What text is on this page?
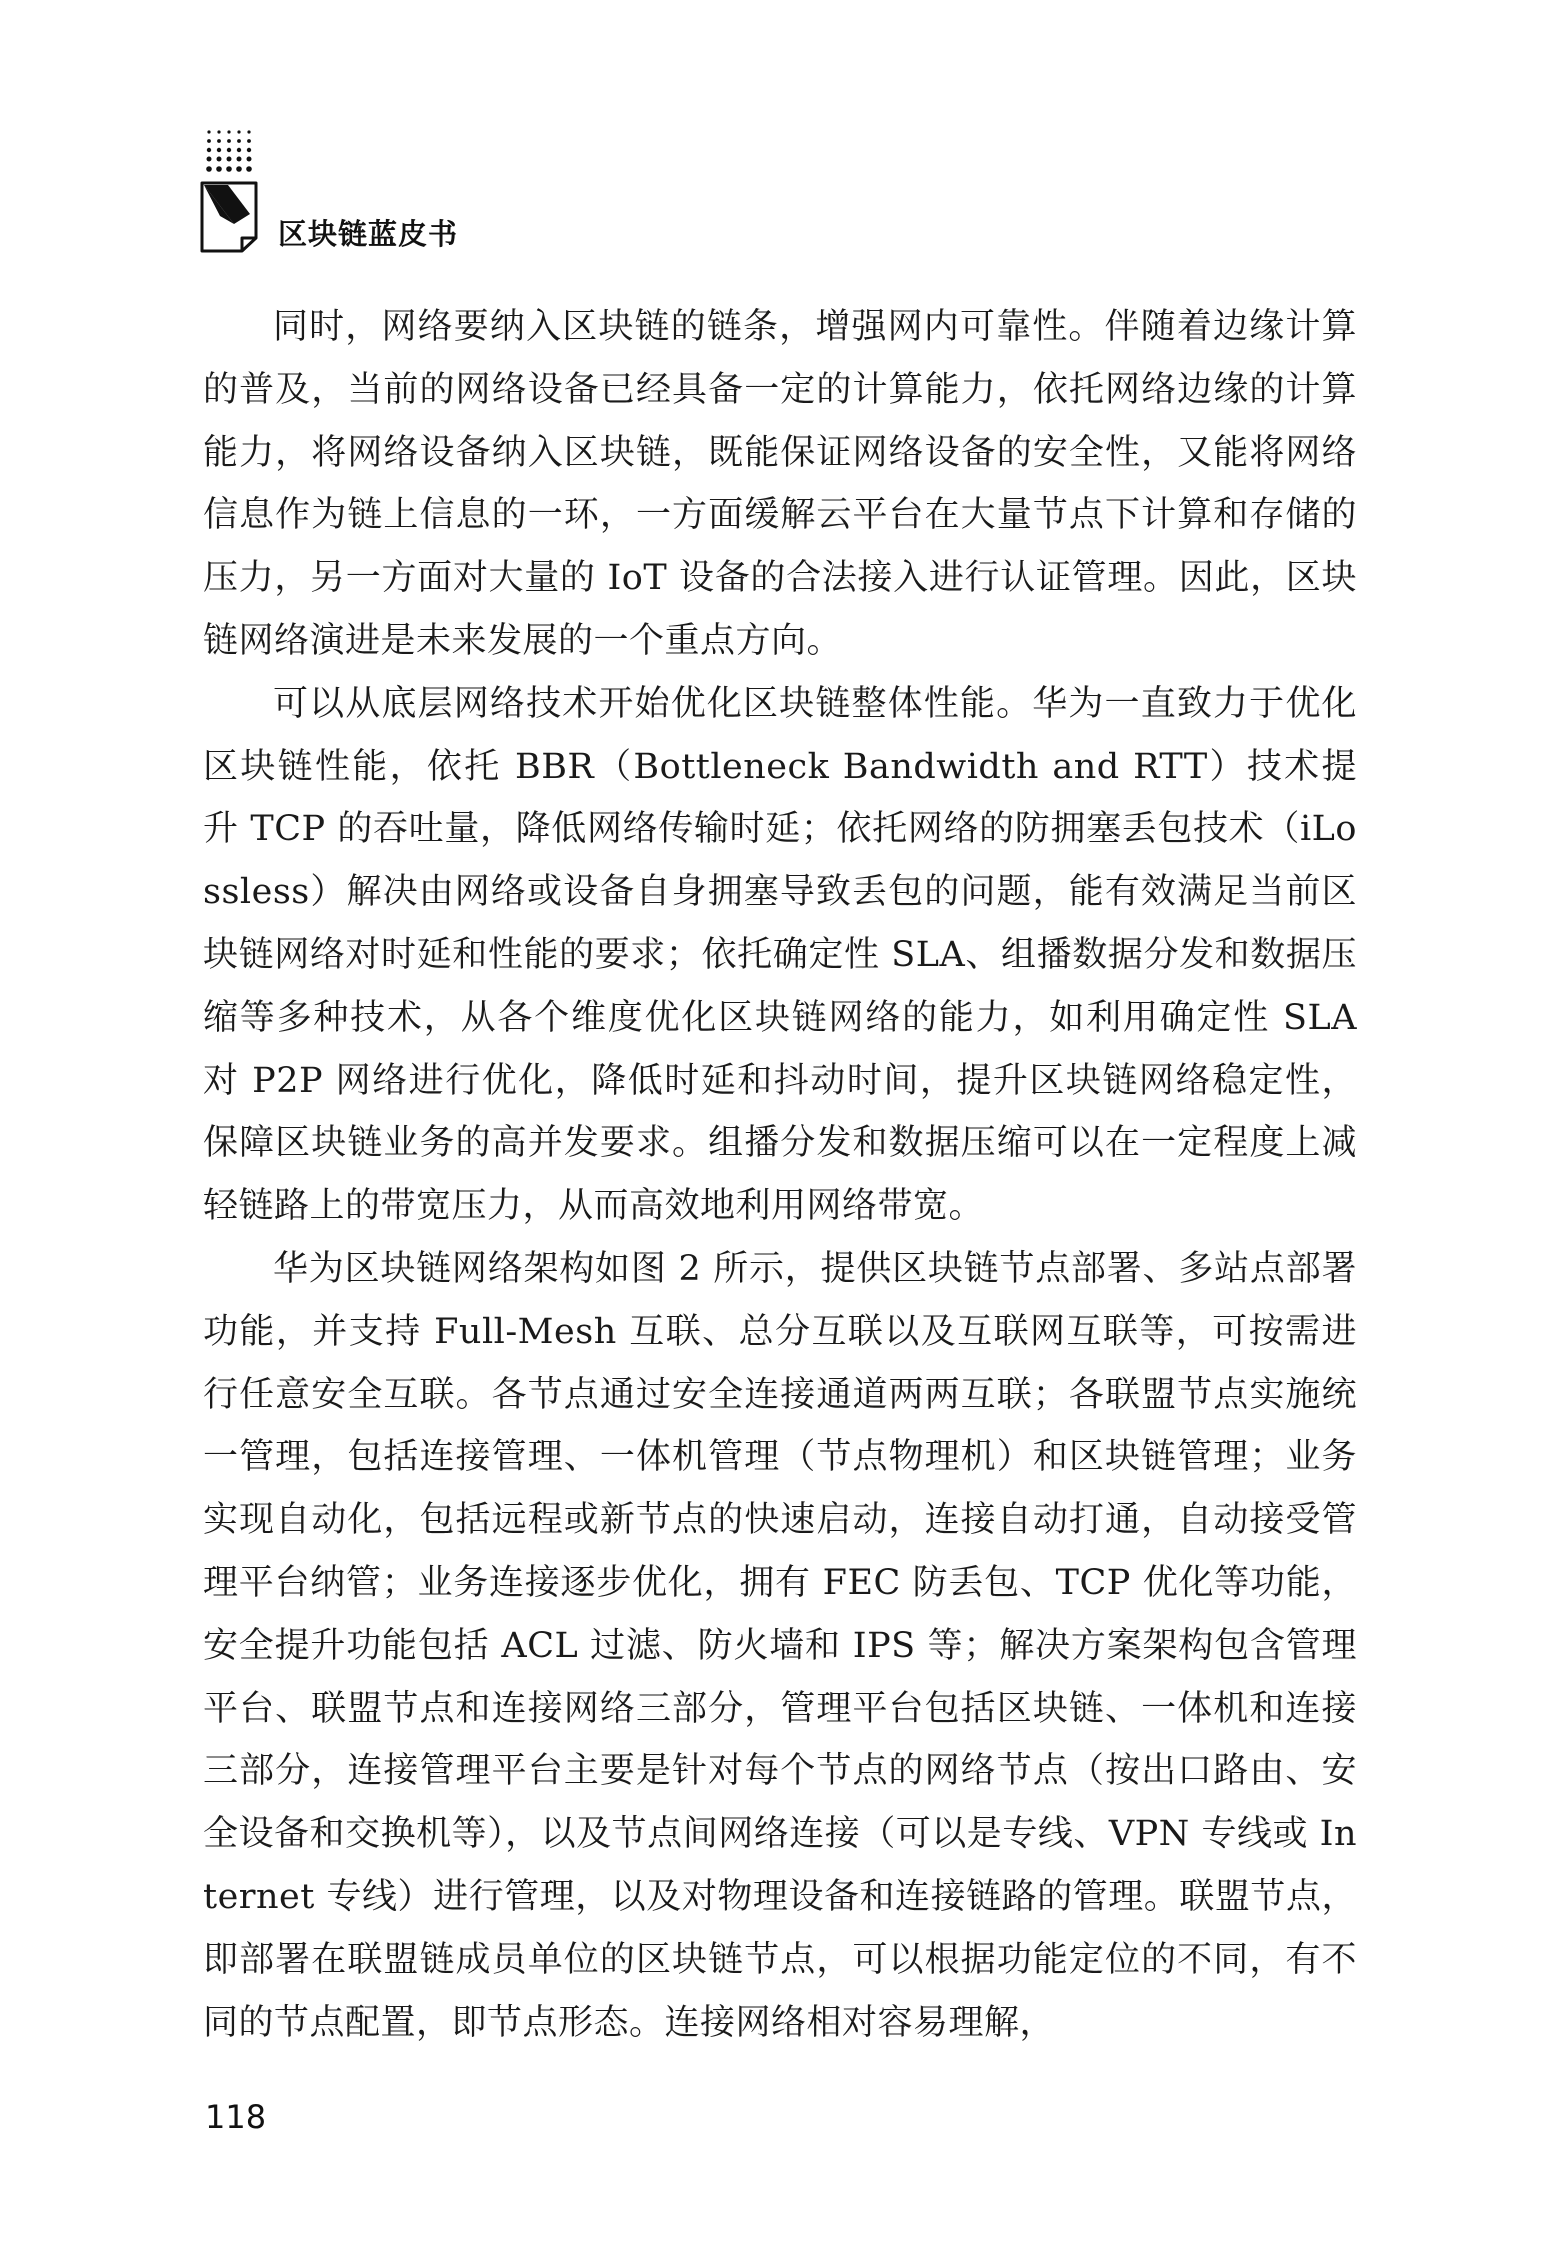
区块链蓝皮书

同时，网络要纳入区块链的链条，增强网内可靠性。伴随着边缘计算的普及，当前的网络设备已经具备一定的计算能力，依托网络边缘的计算能力，将网络设备纳入区块链，既能保证网络设备的安全性，又能将网络信息作为链上信息的一环，一方面缓解云平台在大量节点下计算和存储的压力，另一方面对大量的 IoT 设备的合法接入进行认证管理。因此，区块链网络演进是未来发展的一个重点方向。

可以从底层网络技术开始优化区块链整体性能。华为一直致力于优化区块链性能，依托 BBR（Bottleneck Bandwidth and RTT）技术提升 TCP 的吞吐量，降低网络传输时延；依托网络的防拥塞丢包技术（iLossless）解决由网络或设备自身拥塞导致丢包的问题，能有效满足当前区块链网络对时延和性能的要求；依托确定性 SLA、组播数据分发和数据压缩等多种技术，从各个维度优化区块链网络的能力，如利用确定性 SLA 对 P2P 网络进行优化，降低时延和抖动时间，提升区块链网络稳定性，保障区块链业务的高并发要求。组播分发和数据压缩可以在一定程度上减轻链路上的带宽压力，从而高效地利用网络带宽。

华为区块链网络架构如图 2 所示，提供区块链节点部署、多站点部署功能，并支持 Full-Mesh 互联、总分互联以及互联网互联等，可按需进行任意安全互联。各节点通过安全连接通道两两互联；各联盟节点实施统一管理，包括连接管理、一体机管理（节点物理机）和区块链管理；业务实现自动化，包括远程或新节点的快速启动，连接自动打通，自动接受管理平台纳管；业务连接逐步优化，拥有 FEC 防丢包、TCP 优化等功能，安全提升功能包括 ACL 过滤、防火墙和 IPS 等；解决方案架构包含管理平台、联盟节点和连接网络三部分，管理平台包括区块链、一体机和连接三部分，连接管理平台主要是针对每个节点的网络节点（按出口路由、安全设备和交换机等），以及节点间网络连接（可以是专线、VPN 专线或 Internet 专线）进行管理，以及对物理设备和连接链路的管理。联盟节点，即部署在联盟链成员单位的区块链节点，可以根据功能定位的不同，有不同的节点配置，即节点形态。连接网络相对容易理解，

118
